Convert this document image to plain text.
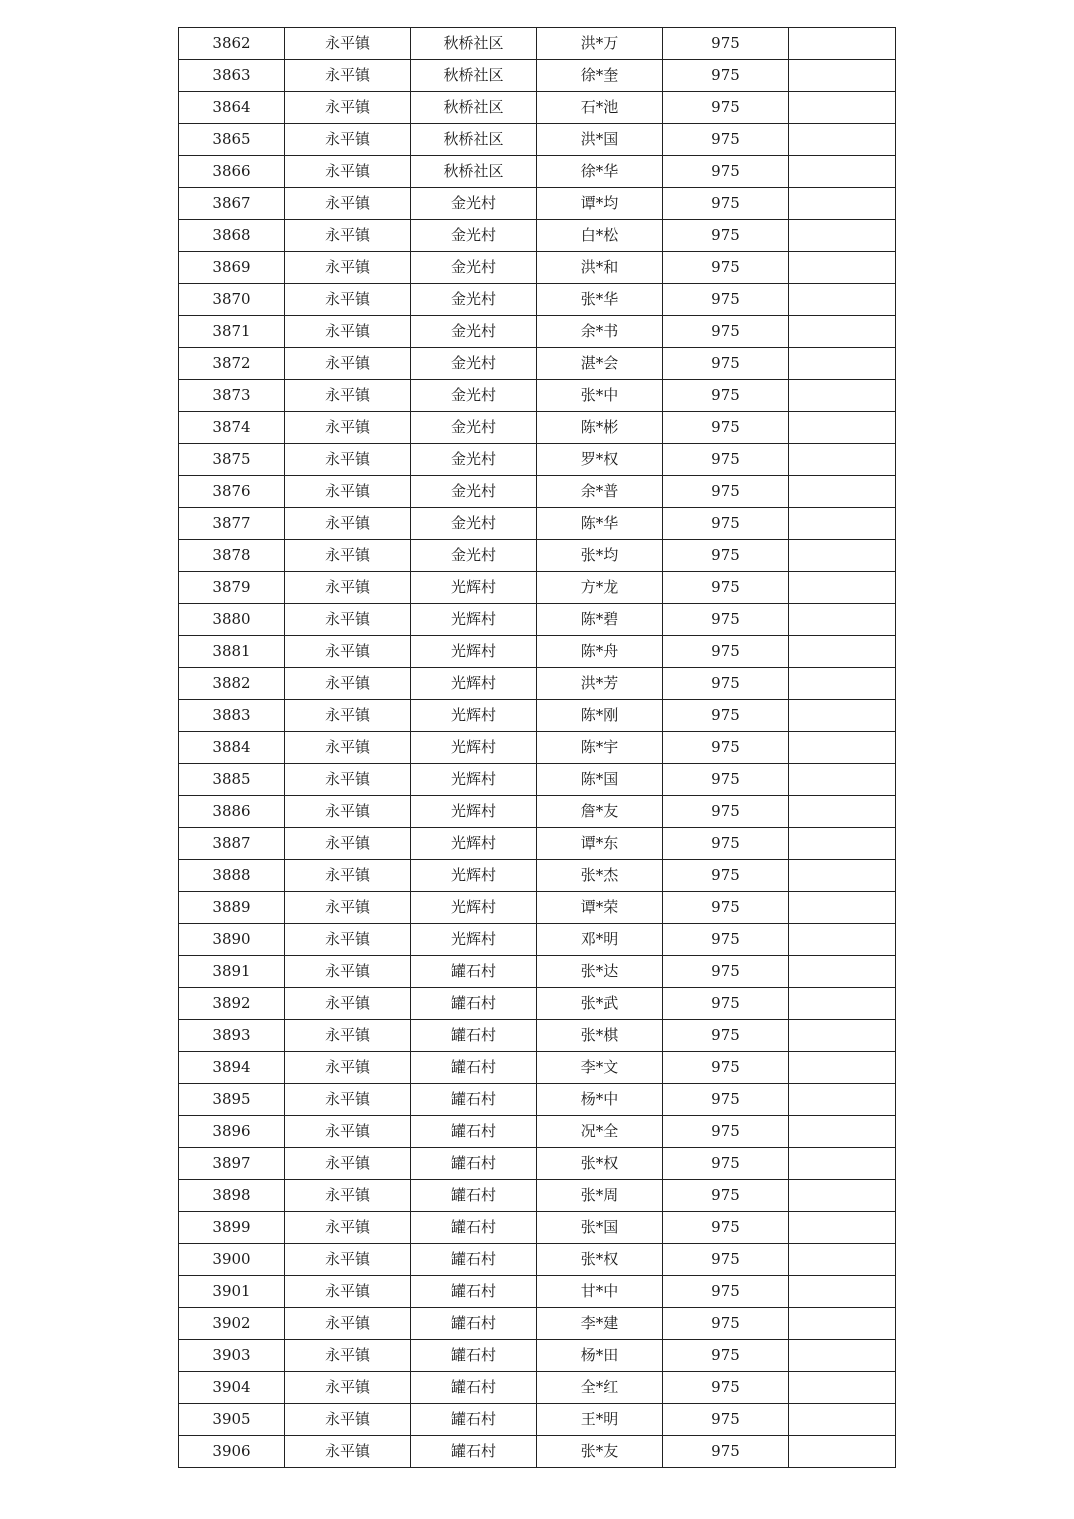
3862	永平镇	秋桥社区	洪*万	975	
3863	永平镇	秋桥社区	徐*奎	975	
3864	永平镇	秋桥社区	石*池	975	
3865	永平镇	秋桥社区	洪*国	975	
3866	永平镇	秋桥社区	徐*华	975	
3867	永平镇	金光村	谭*均	975	
3868	永平镇	金光村	白*松	975	
3869	永平镇	金光村	洪*和	975	
3870	永平镇	金光村	张*华	975	
3871	永平镇	金光村	余*书	975	
3872	永平镇	金光村	湛*会	975	
3873	永平镇	金光村	张*中	975	
3874	永平镇	金光村	陈*彬	975	
3875	永平镇	金光村	罗*权	975	
3876	永平镇	金光村	余*普	975	
3877	永平镇	金光村	陈*华	975	
3878	永平镇	金光村	张*均	975	
3879	永平镇	光辉村	方*龙	975	
3880	永平镇	光辉村	陈*碧	975	
3881	永平镇	光辉村	陈*舟	975	
3882	永平镇	光辉村	洪*芳	975	
3883	永平镇	光辉村	陈*刚	975	
3884	永平镇	光辉村	陈*宇	975	
3885	永平镇	光辉村	陈*国	975	
3886	永平镇	光辉村	詹*友	975	
3887	永平镇	光辉村	谭*东	975	
3888	永平镇	光辉村	张*杰	975	
3889	永平镇	光辉村	谭*荣	975	
3890	永平镇	光辉村	邓*明	975	
3891	永平镇	罐石村	张*达	975	
3892	永平镇	罐石村	张*武	975	
3893	永平镇	罐石村	张*棋	975	
3894	永平镇	罐石村	李*文	975	
3895	永平镇	罐石村	杨*中	975	
3896	永平镇	罐石村	况*全	975	
3897	永平镇	罐石村	张*权	975	
3898	永平镇	罐石村	张*周	975	
3899	永平镇	罐石村	张*国	975	
3900	永平镇	罐石村	张*权	975	
3901	永平镇	罐石村	甘*中	975	
3902	永平镇	罐石村	李*建	975	
3903	永平镇	罐石村	杨*田	975	
3904	永平镇	罐石村	全*红	975	
3905	永平镇	罐石村	王*明	975	
3906	永平镇	罐石村	张*友	975	
